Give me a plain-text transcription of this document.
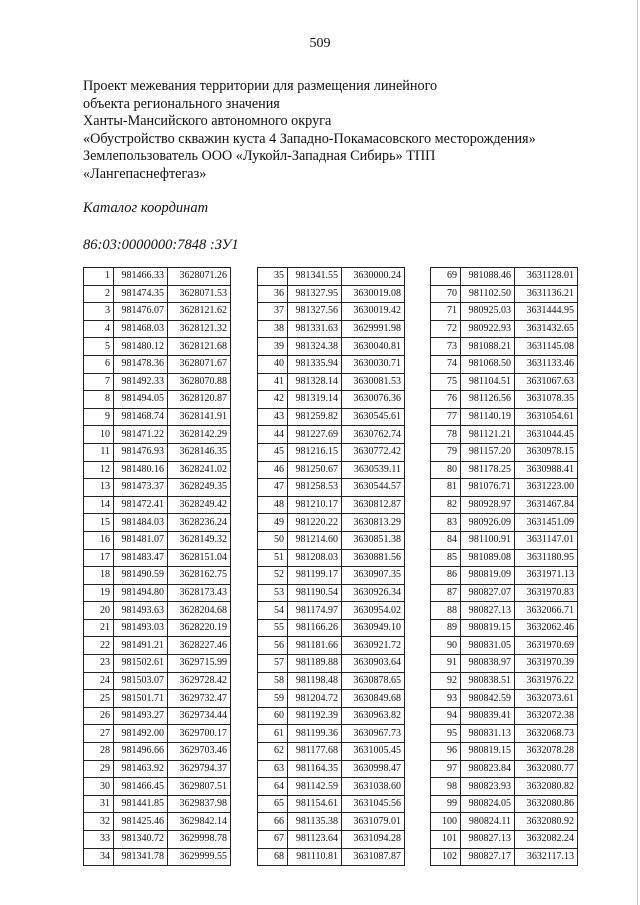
509
Проект межевания территории для размещения линейного
объекта регионального значения
Ханты-Мансийского автономного округа
«Обустройство скважин куста 4 Западно-Покамасовского месторождения»
Землепользователь ООО «Лукойл-Западная Сибирь» ТПП
«Лангепаснефтегаз»
Каталог координат
86:03:0000000:7848 :ЗУ1
1	981466.33	3628071.26
2	981474.35	3628071.53
3	981476.07	3628121.62
4	981468.03	3628121.32
5	981480.12	3628121.68
6	981478.36	3628071.67
7	981492.33	3628070.88
8	981494.05	3628120.87
9	981468.74	3628141.91
10	981471.22	3628142.29
11	981476.93	3628146.35
12	981480.16	3628241.02
13	981473.37	3628249.35
14	981472.41	3628249.42
15	981484.03	3628236.24
16	981481.07	3628149.32
17	981483.47	3628151.04
18	981490.59	3628162.75
19	981494.80	3628173.43
20	981493.63	3628204.68
21	981493.03	3628220.19
22	981491.21	3628227.46
23	981502.61	3629715.99
24	981503.07	3629728.42
25	981501.71	3629732.47
26	981493.27	3629734.44
27	981492.00	3629700.17
28	981496.66	3629703.46
29	981463.92	3629794.37
30	981466.45	3629807.51
31	981441.85	3629837.98
32	981425.46	3629842.14
33	981340.72	3629998.78
34	981341.78	3629999.55
35	981341.55	3630000.24
36	981327.95	3630019.08
37	981327.56	3630019.42
38	981331.63	3629991.98
39	981324.38	3630040.81
40	981335.94	3630030.71
41	981328.14	3630081.53
42	981319.14	3630076.36
43	981259.82	3630545.61
44	981227.69	3630762.74
45	981216.15	3630772.42
46	981250.67	3630539.11
47	981258.53	3630544.57
48	981210.17	3630812.87
49	981220.22	3630813.29
50	981214.60	3630851.38
51	981208.03	3630881.56
52	981199.17	3630907.35
53	981190.54	3630926.34
54	981174.97	3630954.02
55	981166.26	3630949.10
56	981181.66	3630921.72
57	981189.88	3630903.64
58	981198.48	3630878.65
59	981204.72	3630849.68
60	981192.39	3630963.82
61	981199.36	3630967.73
62	981177.68	3631005.45
63	981164.35	3630998.47
64	981142.59	3631038.60
65	981154.61	3631045.56
66	981135.38	3631079.01
67	981123.64	3631094.28
68	981110.81	3631087.87
69	981088.46	3631128.01
70	981102.50	3631136.21
71	980925.03	3631444.95
72	980922.93	3631432.65
73	981088.21	3631145.08
74	981068.50	3631133.46
75	981104.51	3631067.63
76	981126.56	3631078.35
77	981140.19	3631054.61
78	981121.21	3631044.45
79	981157.20	3630978.15
80	981178.25	3630988.41
81	981076.71	3631223.00
82	980928.97	3631467.84
83	980926.09	3631451.09
84	981100.91	3631147.01
85	981089.08	3631180.95
86	980819.09	3631971.13
87	980827.07	3631970.83
88	980827.13	3632066.71
89	980819.15	3632062.46
90	980831.05	3631970.69
91	980838.97	3631970.39
92	980838.51	3631976.22
93	980842.59	3632073.61
94	980839.41	3632072.38
95	980831.13	3632068.73
96	980819.15	3632078.28
97	980823.84	3632080.77
98	980823.93	3632080.82
99	980824.05	3632080.86
100	980824.11	3632080.92
101	980827.13	3632082.24
102	980827.17	3632117.13
